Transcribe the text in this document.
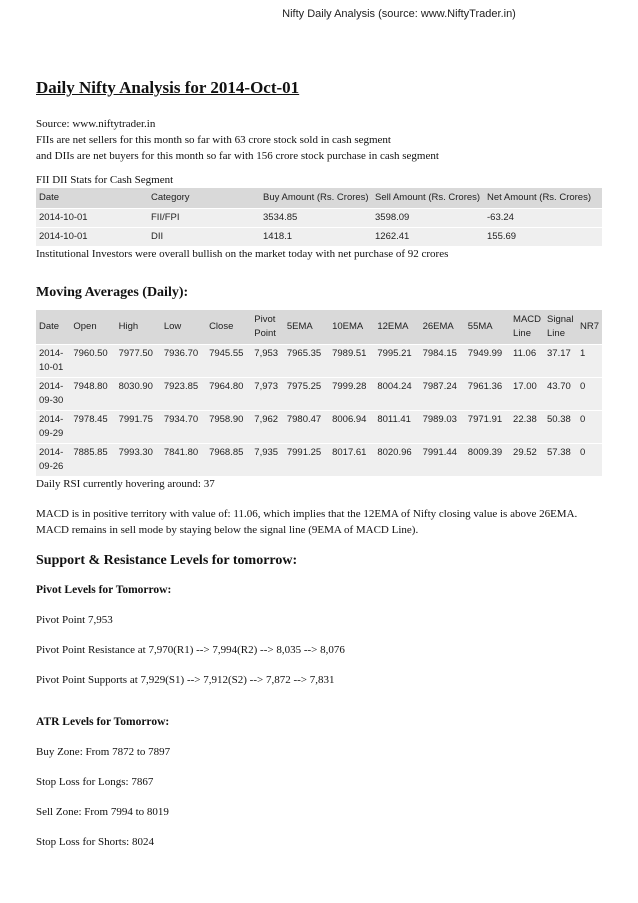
Nifty Daily Analysis (source: www.NiftyTrader.in)
Daily Nifty Analysis for 2014-Oct-01

Source: www.niftytrader.in

FIIs are net sellers for this month so far with 63 crore stock sold in cash segment

and DIIs are net buyers for this month so far with 156 crore stock purchase in cash segment

FII DII Stats for Cash Segment

Date	Category	Buy Amount (Rs. Crores)	Sell Amount (Rs. Crores)	Net Amount (Rs. Crores)
2014-10-01	FII/FPI	3534.85	3598.09	-63.24
2014-10-01	DII	1418.1	1262.41	155.69

Institutional Investors were overall bullish on the market today with net purchase of 92 crores

Moving Averages (Daily):
Date	Open	High	Low	Close	Pivot Point	5EMA	10EMA	12EMA	26EMA	55MA	MACD Line	Signal Line	NR7
2014-10-01	7960.50	7977.50	7936.70	7945.55	7,953	7965.35	7989.51	7995.21	7984.15	7949.99	11.06	37.17	1
2014-09-30	7948.80	8030.90	7923.85	7964.80	7,973	7975.25	7999.28	8004.24	7987.24	7961.36	17.00	43.70	0
2014-09-29	7978.45	7991.75	7934.70	7958.90	7,962	7980.47	8006.94	8011.41	7989.03	7971.91	22.38	50.38	0
2014-09-26	7885.85	7993.30	7841.80	7968.85	7,935	7991.25	8017.61	8020.96	7991.44	8009.39	29.52	57.38	0

Daily RSI currently hovering around: 37

MACD is in positive territory with value of: 11.06, which implies that the 12EMA of Nifty closing value is above 26EMA. MACD remains in sell mode by staying below the signal line (9EMA of MACD Line).

Support & Resistance Levels for tomorrow:
Pivot Levels for Tomorrow:

Pivot Point 7,953

Pivot Point Resistance at 7,970(R1) --> 7,994(R2) --> 8,035 --> 8,076

Pivot Point Supports at 7,929(S1) --> 7,912(S2) --> 7,872 --> 7,831

ATR Levels for Tomorrow:

Buy Zone: From 7872 to 7897

Stop Loss for Longs: 7867

Sell Zone: From 7994 to 8019

Stop Loss for Shorts: 8024
